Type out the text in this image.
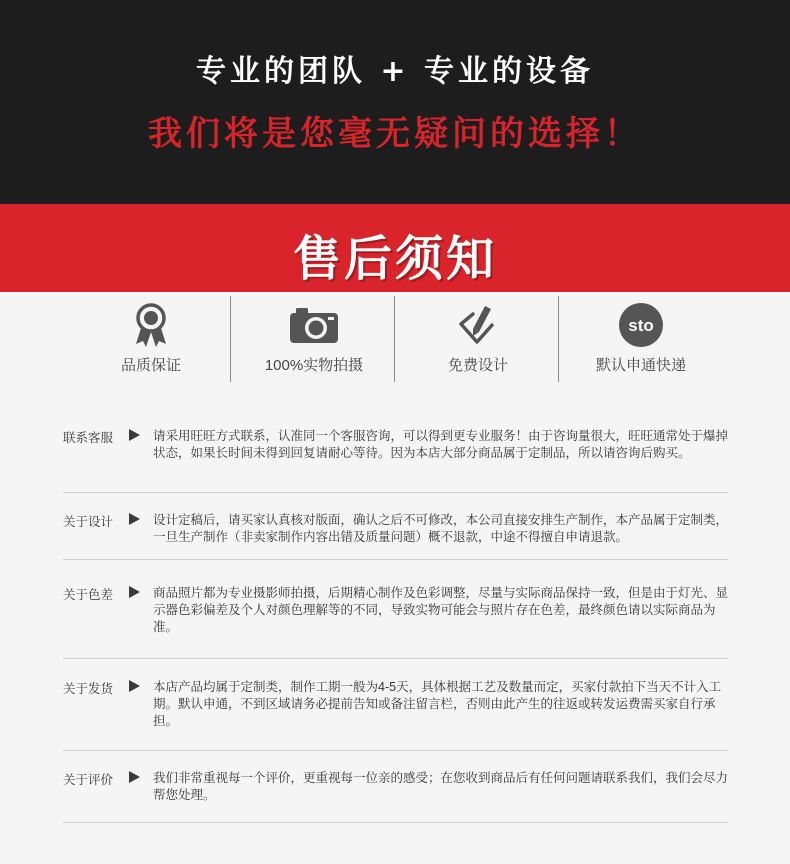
专业的团队 + 专业的设备
我们将是您毫无疑问的选择！
售后须知
品质保证	100%实物拍摄	免费设计
sto
默认申通快递
联系客服	请采用旺旺方式联系，认准同一个客服咨询，可以得到更专业服务！由于咨询量很大，旺旺通常处于爆掉状态，如果长时间未得到回复请耐心等待。因为本店大部分商品属于定制品，所以请咨询后购买。
关于设计	设计定稿后，请买家认真核对版面，确认之后不可修改，本公司直接安排生产制作，本产品属于定制类，一旦生产制作（非卖家制作内容出错及质量问题）概不退款，中途不得擅自申请退款。
关于色差	商品照片都为专业摄影师拍摄，后期精心制作及色彩调整，尽量与实际商品保持一致，但是由于灯光、显示器色彩偏差及个人对颜色理解等的不同，导致实物可能会与照片存在色差，最终颜色请以实际商品为准。
关于发货	本店产品均属于定制类，制作工期一般为4-5天，具体根据工艺及数量而定，买家付款拍下当天不计入工期。默认申通，不到区域请务必提前告知或备注留言栏，否则由此产生的往返或转发运费需买家自行承担。
关于评价	我们非常重视每一个评价，更重视每一位亲的感受；在您收到商品后有任何问题请联系我们，我们会尽力帮您处理。
